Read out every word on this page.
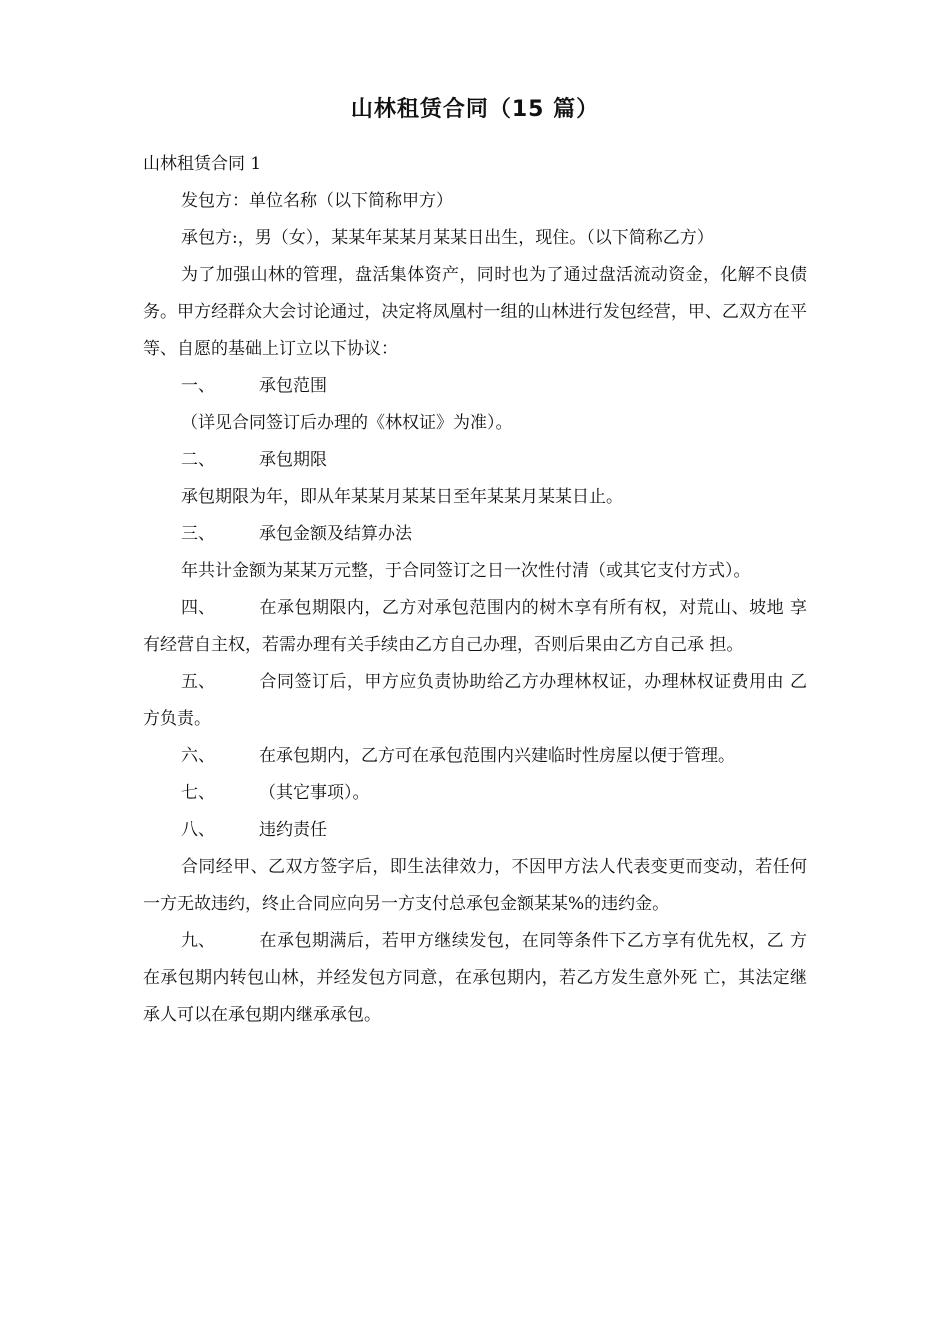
山林租赁合同（15 篇）

山林租赁合同 1

发包方：单位名称（以下简称甲方）

承包方:，男（女），某某年某某月某某日出生，现住。（以下简称乙方）

为了加强山林的管理，盘活集体资产，同时也为了通过盘活流动资金，化解不良债务。甲方经群众大会讨论通过，决定将凤凰村一组的山林进行发包经营，甲、乙双方在平等、自愿的基础上订立以下协议：

一、	承包范围

（详见合同签订后办理的《林权证》为准）。

二、	承包期限

承包期限为年，即从年某某月某某日至年某某月某某日止。

三、	承包金额及结算办法

年共计金额为某某万元整，于合同签订之日一次性付清（或其它支付方式）。

四、	在承包期限内，乙方对承包范围内的树木享有所有权，对荒山、坡地 享有经营自主权，若需办理有关手续由乙方自己办理，否则后果由乙方自己承 担。

五、	合同签订后，甲方应负责协助给乙方办理林权证，办理林权证费用由 乙方负责。

六、	在承包期内，乙方可在承包范围内兴建临时性房屋以便于管理。

七、	（其它事项）。

八、	违约责任

合同经甲、乙双方签字后，即生法律效力，不因甲方法人代表变更而变动，若任何一方无故违约，终止合同应向另一方支付总承包金额某某%的违约金。

九、	在承包期满后，若甲方继续发包，在同等条件下乙方享有优先权，乙 方在承包期内转包山林，并经发包方同意，在承包期内，若乙方发生意外死 亡，其法定继承人可以在承包期内继承承包。
